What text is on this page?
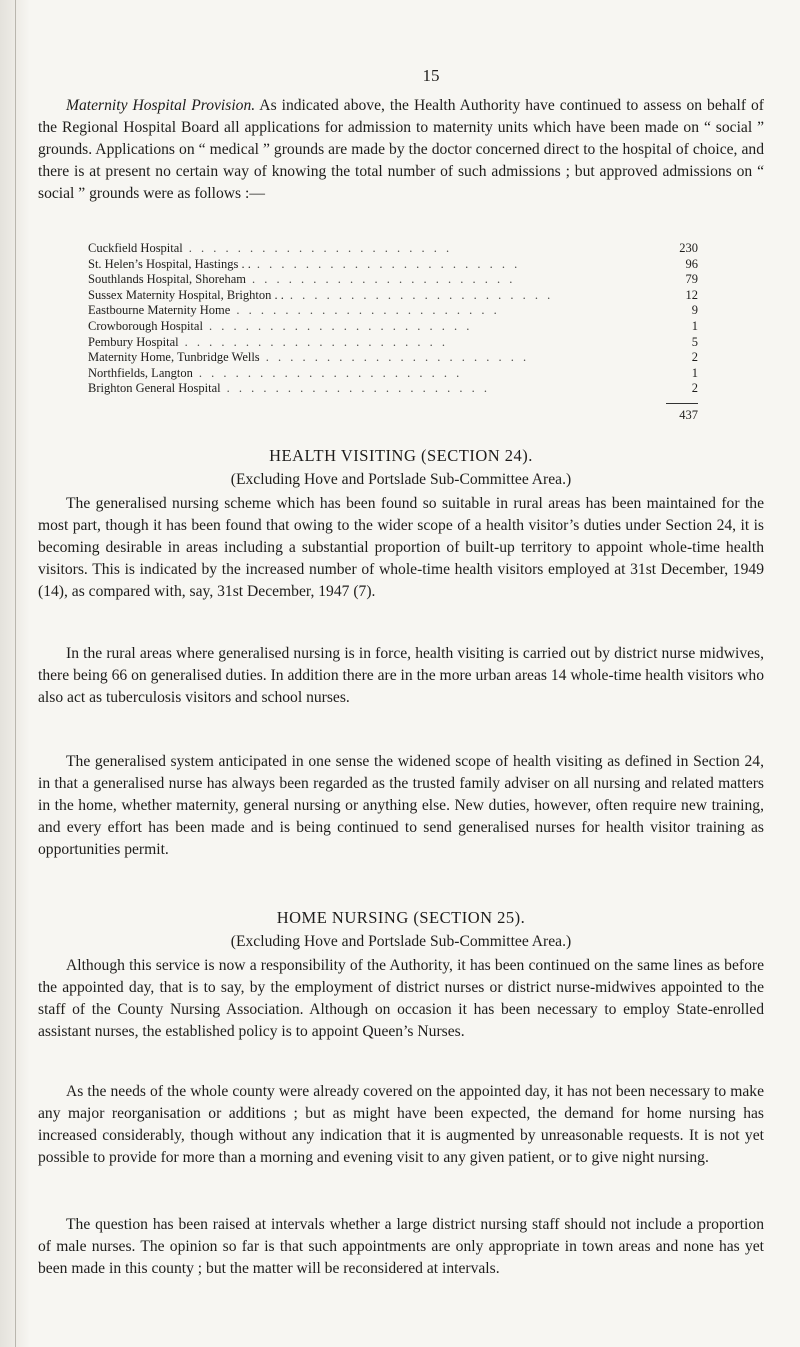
15

Maternity Hospital Provision. As indicated above, the Health Authority have continued to assess on behalf of the Regional Hospital Board all applications for admission to maternity units which have been made on “ social ” grounds. Applications on “ medical ” grounds are made by the doctor concerned direct to the hospital of choice, and there is at present no certain way of knowing the total number of such admissions ; but approved admissions on “ social ” grounds were as follows :—

Cuckfield Hospital . . . . . . . . . . . . . . . . . . . . . .	230
St. Helen’s Hospital, Hastings . . . . . . . . . . . . . . . . . . . . . . . .	96
Southlands Hospital, Shoreham . . . . . . . . . . . . . . . . . . . . . .	79
Sussex Maternity Hospital, Brighton . . . . . . . . . . . . . . . . . . . . . . . .	12
Eastbourne Maternity Home . . . . . . . . . . . . . . . . . . . . . .	9
Crowborough Hospital . . . . . . . . . . . . . . . . . . . . . .	1
Pembury Hospital . . . . . . . . . . . . . . . . . . . . . .	5
Maternity Home, Tunbridge Wells . . . . . . . . . . . . . . . . . . . . . .	2
Northfields, Langton . . . . . . . . . . . . . . . . . . . . . .	1
Brighton General Hospital . . . . . . . . . . . . . . . . . . . . . .	2
437
HEALTH VISITING (SECTION 24).
(Excluding Hove and Portslade Sub-Committee Area.)

The generalised nursing scheme which has been found so suitable in rural areas has been maintained for the most part, though it has been found that owing to the wider scope of a health visitor’s duties under Section 24, it is becoming desirable in areas including a substantial proportion of built-up territory to appoint whole-time health visitors. This is indicated by the increased number of whole-time health visitors employed at 31st December, 1949 (14), as compared with, say, 31st December, 1947 (7).

In the rural areas where generalised nursing is in force, health visiting is carried out by district nurse midwives, there being 66 on generalised duties. In addition there are in the more urban areas 14 whole-time health visitors who also act as tuberculosis visitors and school nurses.

The generalised system anticipated in one sense the widened scope of health visiting as defined in Section 24, in that a generalised nurse has always been regarded as the trusted family adviser on all nursing and related matters in the home, whether maternity, general nursing or anything else. New duties, however, often require new training, and every effort has been made and is being continued to send generalised nurses for health visitor training as opportunities permit.

HOME NURSING (SECTION 25).
(Excluding Hove and Portslade Sub-Committee Area.)

Although this service is now a responsibility of the Authority, it has been continued on the same lines as before the appointed day, that is to say, by the employment of district nurses or district nurse-midwives appointed to the staff of the County Nursing Association. Although on occasion it has been necessary to employ State-enrolled assistant nurses, the established policy is to appoint Queen’s Nurses.

As the needs of the whole county were already covered on the appointed day, it has not been necessary to make any major reorganisation or additions ; but as might have been expected, the demand for home nursing has increased considerably, though without any indication that it is augmented by unreasonable requests. It is not yet possible to provide for more than a morning and evening visit to any given patient, or to give night nursing.

The question has been raised at intervals whether a large district nursing staff should not include a proportion of male nurses. The opinion so far is that such appointments are only appropriate in town areas and none has yet been made in this county ; but the matter will be reconsidered at intervals.
